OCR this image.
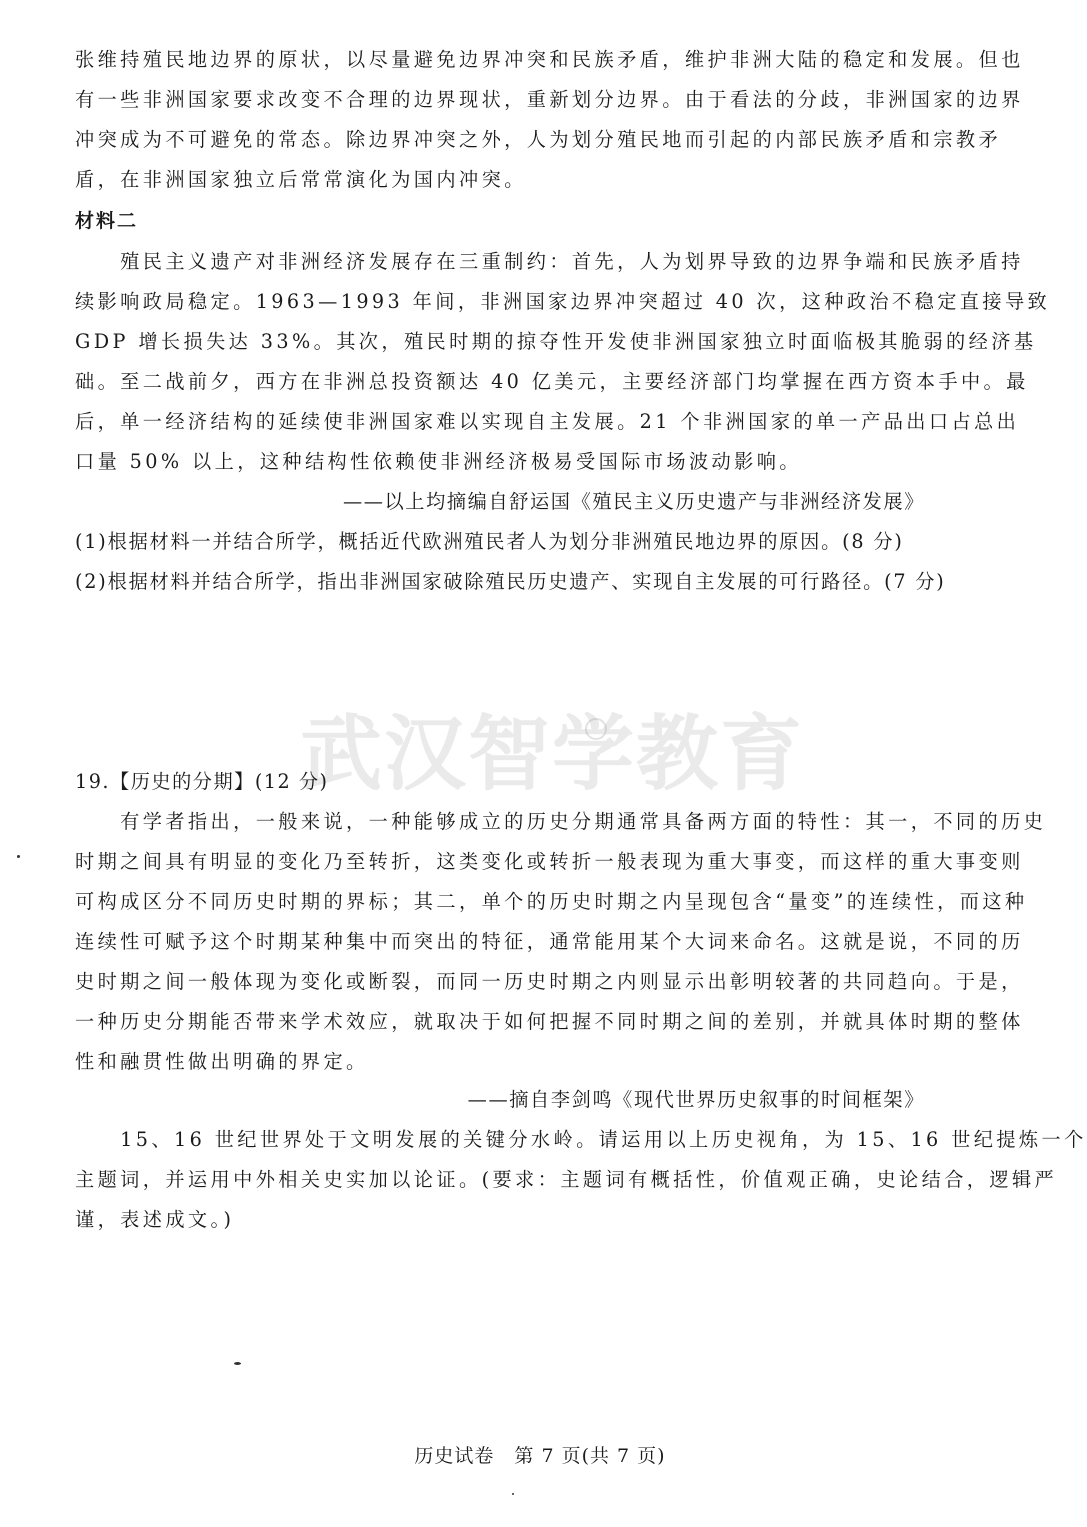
张维持殖民地边界的原状，以尽量避免边界冲突和民族矛盾，维护非洲大陆的稳定和发展。但也
有一些非洲国家要求改变不合理的边界现状，重新划分边界。由于看法的分歧，非洲国家的边界
冲突成为不可避免的常态。除边界冲突之外，人为划分殖民地而引起的内部民族矛盾和宗教矛
盾，在非洲国家独立后常常演化为国内冲突。
材料二
　　殖民主义遗产对非洲经济发展存在三重制约：首先，人为划界导致的边界争端和民族矛盾持
续影响政局稳定。1963—1993 年间，非洲国家边界冲突超过 40 次，这种政治不稳定直接导致
GDP 增长损失达 33%。其次，殖民时期的掠夺性开发使非洲国家独立时面临极其脆弱的经济基
础。至二战前夕，西方在非洲总投资额达 40 亿美元，主要经济部门均掌握在西方资本手中。最
后，单一经济结构的延续使非洲国家难以实现自主发展。21 个非洲国家的单一产品出口占总出
口量 50% 以上，这种结构性依赖使非洲经济极易受国际市场波动影响。
——以上均摘编自舒运国《殖民主义历史遗产与非洲经济发展》
(1)根据材料一并结合所学，概括近代欧洲殖民者人为划分非洲殖民地边界的原因。(8 分)
(2)根据材料并结合所学，指出非洲国家破除殖民历史遗产、实现自主发展的可行路径。(7 分)
武汉智学教育
19.【历史的分期】(12 分)
　　有学者指出，一般来说，一种能够成立的历史分期通常具备两方面的特性：其一，不同的历史
时期之间具有明显的变化乃至转折，这类变化或转折一般表现为重大事变，而这样的重大事变则
可构成区分不同历史时期的界标；其二，单个的历史时期之内呈现包含“量变”的连续性，而这种
连续性可赋予这个时期某种集中而突出的特征，通常能用某个大词来命名。这就是说，不同的历
史时期之间一般体现为变化或断裂，而同一历史时期之内则显示出彰明较著的共同趋向。于是，
一种历史分期能否带来学术效应，就取决于如何把握不同时期之间的差别，并就具体时期的整体
性和融贯性做出明确的界定。
——摘自李剑鸣《现代世界历史叙事的时间框架》
　　15、16 世纪世界处于文明发展的关键分水岭。请运用以上历史视角，为 15、16 世纪提炼一个
主题词，并运用中外相关史实加以论证。(要求：主题词有概括性，价值观正确，史论结合，逻辑严
谨，表述成文。)
历史试卷　第 7 页(共 7 页)
